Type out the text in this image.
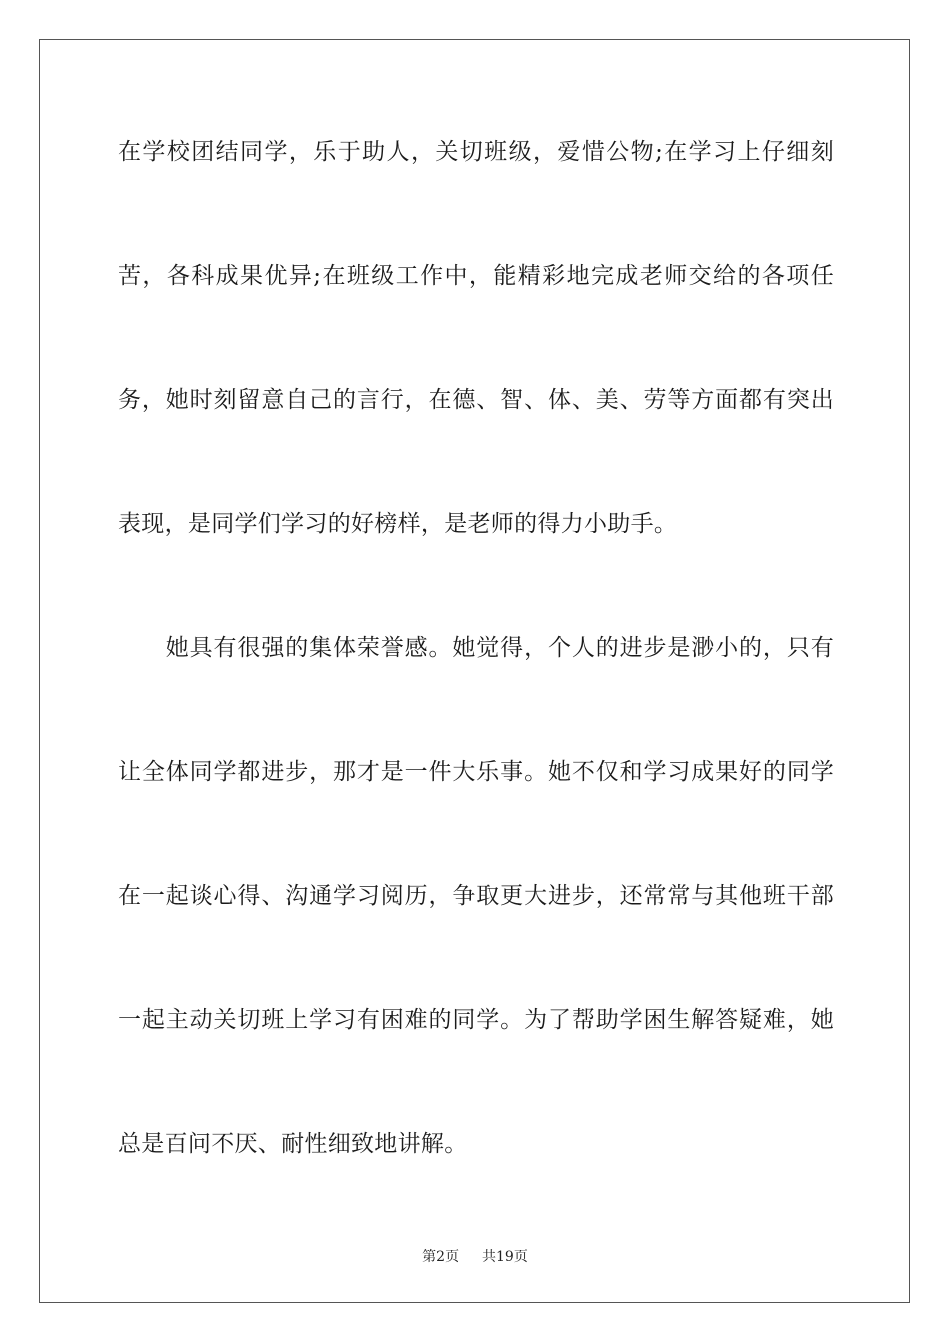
在学校团结同学，乐于助人，关切班级，爱惜公物;在学习上仔细刻
苦，各科成果优异;在班级工作中，能精彩地完成老师交给的各项任
务，她时刻留意自己的言行，在德、智、体、美、劳等方面都有突出
表现，是同学们学习的好榜样，是老师的得力小助手。
　　她具有很强的集体荣誉感。她觉得，个人的进步是渺小的，只有
让全体同学都进步，那才是一件大乐事。她不仅和学习成果好的同学
在一起谈心得、沟通学习阅历，争取更大进步，还常常与其他班干部
一起主动关切班上学习有困难的同学。为了帮助学困生解答疑难，她
总是百问不厌、耐性细致地讲解。
第2页 共19页
